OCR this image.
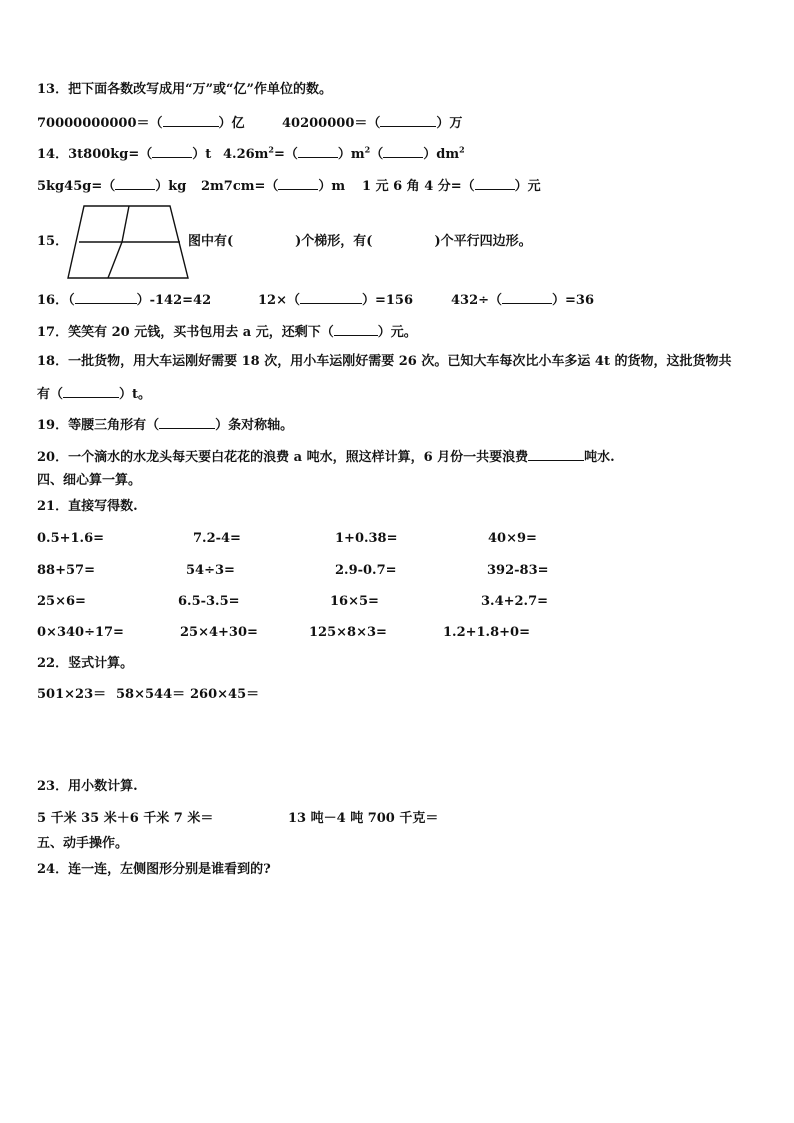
13．把下面各数改写成用“万”或“亿”作单位的数。
70000000000＝（	）亿	40200000＝（	）万
14．3t800kg=（	）t $4.26m^2=$（	）$m^2$（	）$dm^2$
5kg45g=（	）kg 2m7cm=（	）m 1 元 6 角 4 分=（	）元
15．	图中有(	)个梯形，有(	)个平行四边形。
16．（	）-142=42	12×（	）=156	432÷（	）=36
17．笑笑有 20 元钱，买书包用去 a 元，还剩下（	）元。
18．一批货物，用大车运刚好需要 18 次，用小车运刚好需要 26 次。已知大车每次比小车多运 4t 的货物，这批货物共
有（	）t。
19．等腰三角形有（	）条对称轴。
20．一个滴水的水龙头每天要白花花的浪费 a 吨水，照这样计算，6 月份一共要浪费	吨水.
四、细心算一算。
21．直接写得数.
0.5+1.6=	7.2-4=	1+0.38=	40×9=
88+57=	54÷3=	2.9-0.7=	392-83=
25×6=	6.5-3.5=	16×5=	3.4+2.7=
0×340÷17=	25×4+30=	125×8×3=	1.2+1.8+0=
22．竖式计算。
501×23＝ 58×544＝ 260×45＝
23．用小数计算.
5 千米 35 米＋6 千米 7 米＝	13 吨－4 吨 700 千克＝
五、动手操作。
24．连一连，左侧图形分别是谁看到的?
